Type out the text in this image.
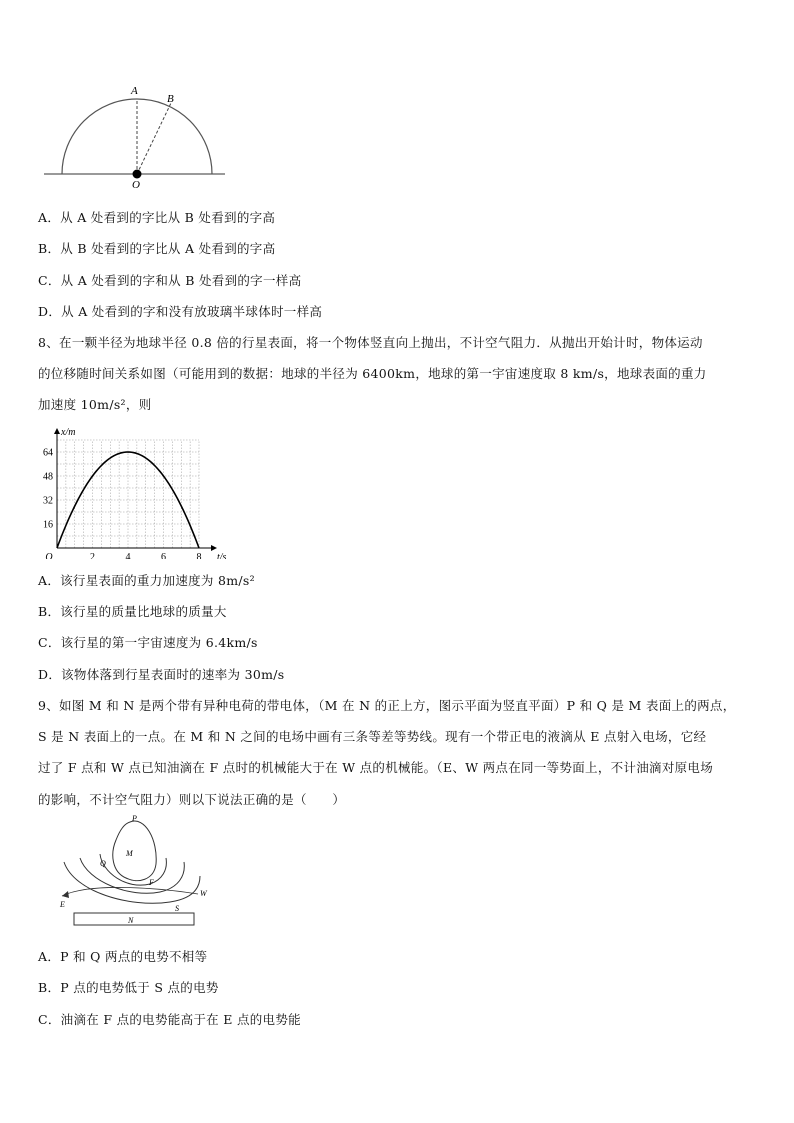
A
B
O
A．从 A 处看到的字比从 B 处看到的字高
B．从 B 处看到的字比从 A 处看到的字高
C．从 A 处看到的字和从 B 处看到的字一样高
D．从 A 处看到的字和没有放玻璃半球体时一样高
8、在一颗半径为地球半径 0.8 倍的行星表面，将一个物体竖直向上抛出，不计空气阻力．从抛出开始计时，物体运动
的位移随时间关系如图（可能用到的数据：地球的半径为 6400km，地球的第一宇宙速度取 8 km/s，地球表面的重力
加速度 10m/s²，则
x/m
t/s
O	2	4	6	8
16
32
48
64
A．该行星表面的重力加速度为 8m/s²
B．该行星的质量比地球的质量大
C．该行星的第一宇宙速度为 6.4km/s
D．该物体落到行星表面时的速率为 30m/s
9、如图 M 和 N 是两个带有异种电荷的带电体，（M 在 N 的正上方，图示平面为竖直平面）P 和 Q 是 M 表面上的两点，
S 是 N 表面上的一点。在 M 和 N 之间的电场中画有三条等差等势线。现有一个带正电的液滴从 E 点射入电场，它经
过了 F 点和 W 点已知油滴在 F 点时的机械能大于在 W 点的机械能。（E、W 两点在同一等势面上，不计油滴对原电场
的影响，不计空气阻力）则以下说法正确的是（　　）
P
M
Q
F
W
E
N
S
A．P 和 Q 两点的电势不相等
B．P 点的电势低于 S 点的电势
C．油滴在 F 点的电势能高于在 E 点的电势能
